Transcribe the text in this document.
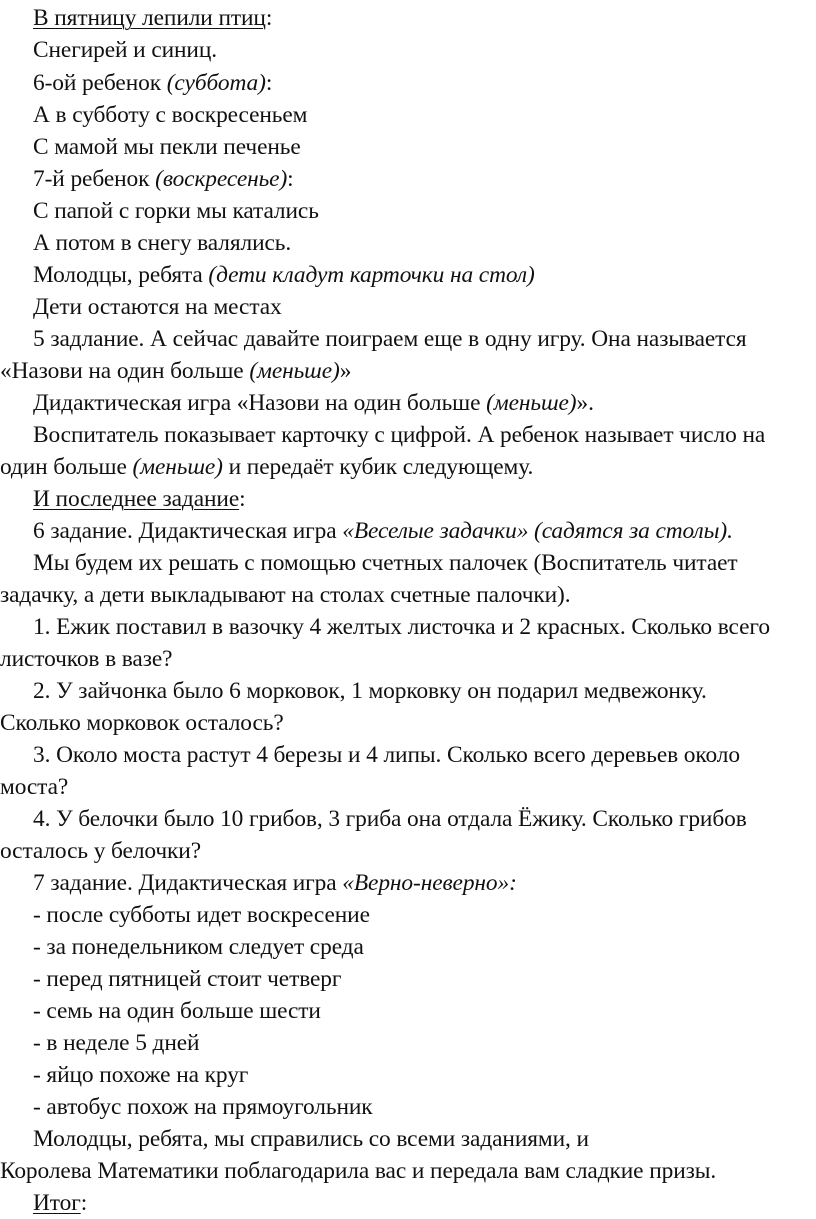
В пятницу лепили птиц:
Снегирей и синиц.
6-ой ребенок (суббота):
А в субботу с воскресеньем
С мамой мы пекли печенье
7-й ребенок (воскресенье):
С папой с горки мы катались
А потом в снегу валялись.
Молодцы, ребята (дети кладут карточки на стол)
Дети остаются на местах
5 задлание. А сейчас давайте поиграем еще в одну игру. Она называется
«Назови на один больше (меньше)»
Дидактическая игра «Назови на один больше (меньше)».
Воспитатель показывает карточку с цифрой. А ребенок называет число на
один больше (меньше) и передаёт кубик следующему.
И последнее задание:
6 задание. Дидактическая игра «Веселые задачки» (садятся за столы).
Мы будем их решать с помощью счетных палочек (Воспитатель читает
задачку, а дети выкладывают на столах счетные палочки).
1. Ежик поставил в вазочку 4 желтых листочка и 2 красных. Сколько всего
листочков в вазе?
2. У зайчонка было 6 морковок, 1 морковку он подарил медвежонку.
Сколько морковок осталось?
3. Около моста растут 4 березы и 4 липы. Сколько всего деревьев около
моста?
4. У белочки было 10 грибов, 3 гриба она отдала Ёжику. Сколько грибов
осталось у белочки?
7 задание. Дидактическая игра «Верно-неверно»:
- после субботы идет воскресение
- за понедельником следует среда
- перед пятницей стоит четверг
- семь на один больше шести
- в неделе 5 дней
- яйцо похоже на круг
- автобус похож на прямоугольник
Молодцы, ребята, мы справились со всеми заданиями, и
Королева Математики поблагодарила вас и передала вам сладкие призы.
Итог:
